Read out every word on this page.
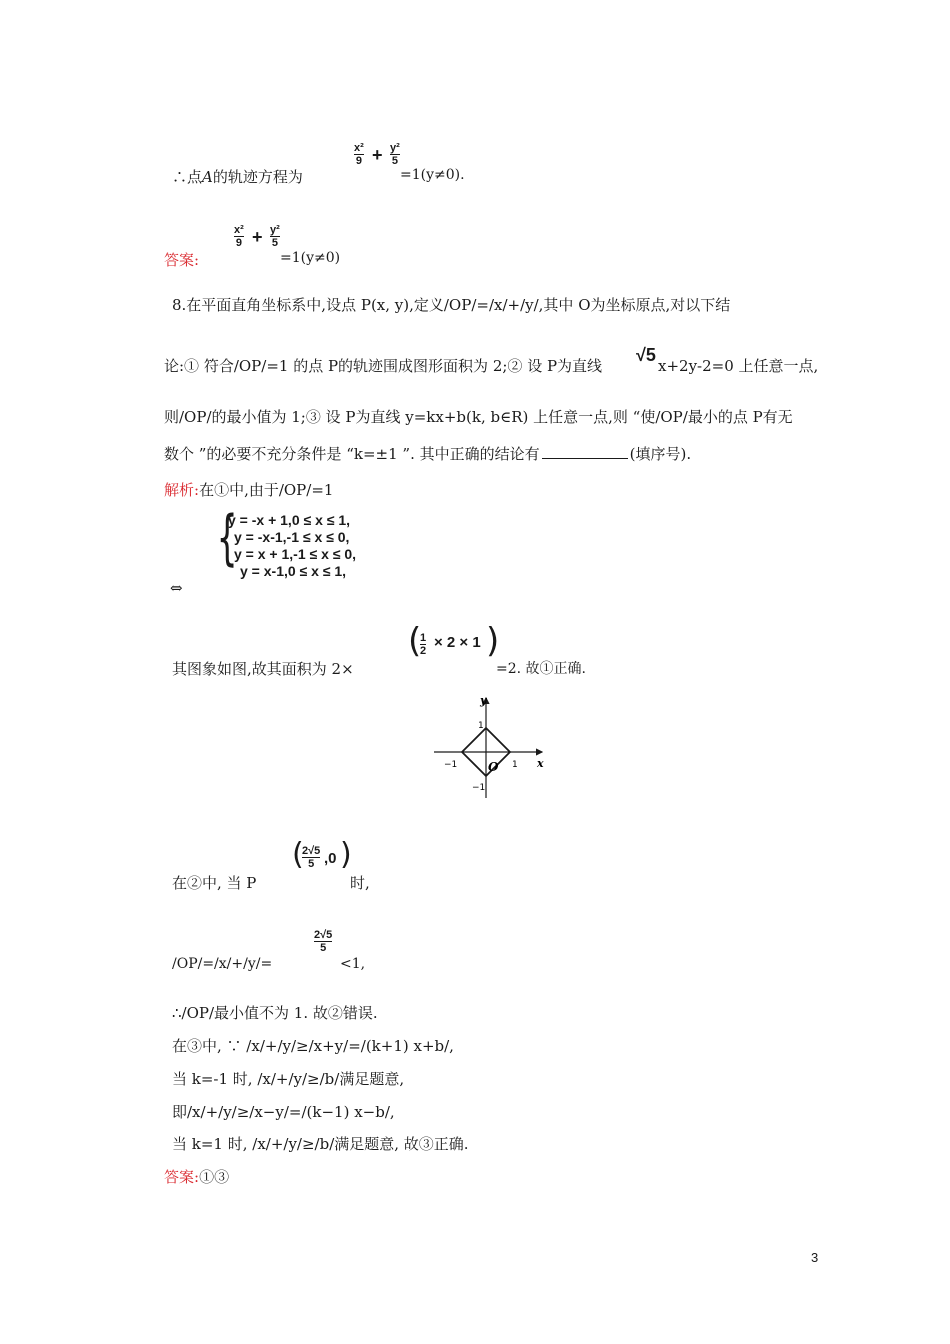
∴点A的轨迹方程为
x²
9 + y²
5
=1(y≠0).
答案:
x²
9 + y²
5
=1(y≠0)
8.在平面直角坐标系中,设点 P(x, y),定义/OP/=/x/+/y/,其中 O为坐标原点,对以下结
论:① 符合/OP/=1 的点 P的轨迹围成图形面积为 2;② 设 P为直线
√5
x+2y-2=0 上任意一点,
则/OP/的最小值为 1;③ 设 P为直线 y=kx+b(k, b∈R) 上任意一点,则 “使/OP/最小的点 P有无
数个 ”的必要不充分条件是 “k=±1 ”. 其中正确的结论有	(填序号).
解析:在①中,由于/OP/=1
⇔
{
y = -x + 1,0 ≤ x ≤ 1,
y = -x-1,-1 ≤ x ≤ 0,
y = x + 1,-1 ≤ x ≤ 0,
y = x-1,0 ≤ x ≤ 1,
其图象如图,故其面积为 2×
(
1
2 × 2 × 1 )
=2. 故①正确.
y
x
O 1
−1
1
−1
在②中, 当 P
(
2√5
5 ,0 )
时,
/OP/=/x/+/y/=
2√5
5
<1,
∴/OP/最小值不为 1. 故②错误.
在③中, ∵ /x/+/y/≥/x+y/=/(k+1) x+b/,
当 k=-1 时, /x/+/y/≥/b/满足题意,
即/x/+/y/≥/x−y/=/(k−1) x−b/,
当 k=1 时, /x/+/y/≥/b/满足题意, 故③正确.
答案:①③
3
